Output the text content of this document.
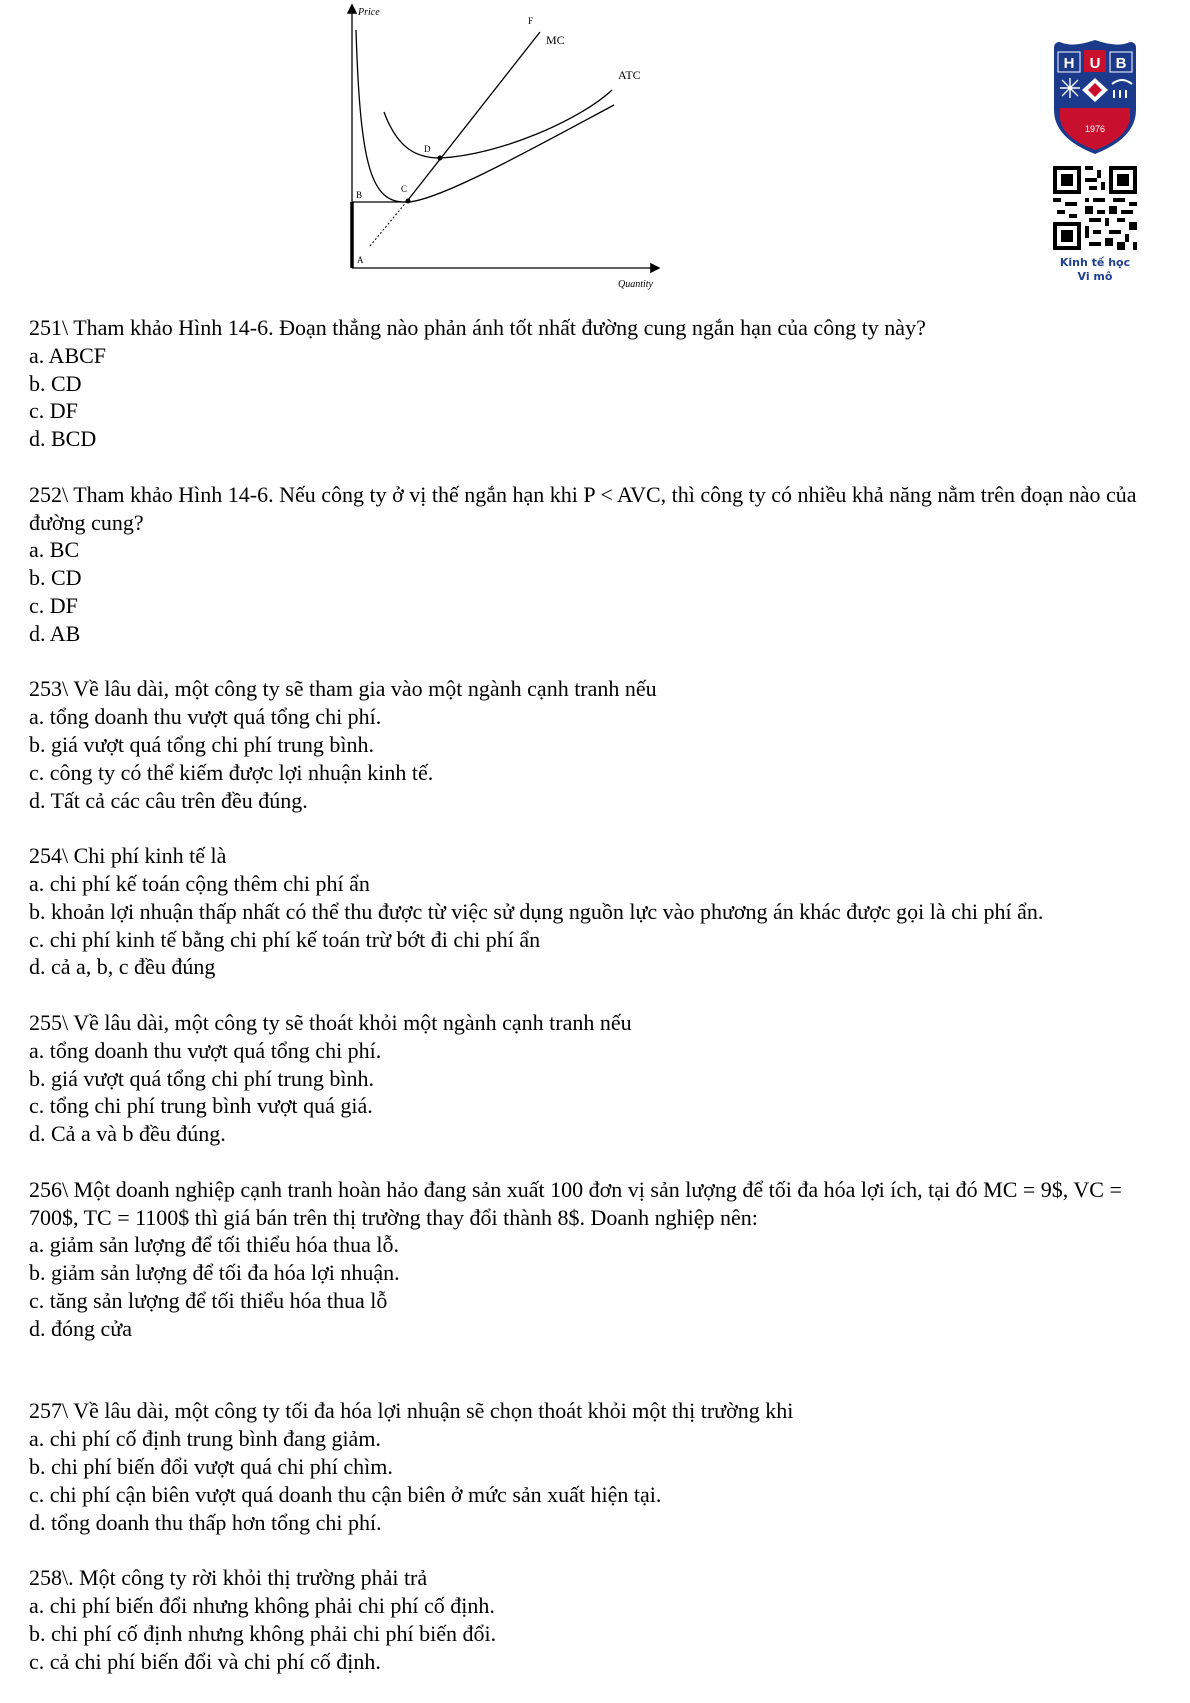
Price
Quantity
MC
ATC
F
D
C
B
A
H U B
1976
Kinh tế học
Vi mô
251\ Tham khảo Hình 14-6. Đoạn thẳng nào phản ánh tốt nhất đường cung ngắn hạn của công ty này?
a. ABCF
b. CD
c. DF
d. BCD
252\ Tham khảo Hình 14-6. Nếu công ty ở vị thế ngắn hạn khi P < AVC, thì công ty có nhiều khả năng nằm trên đoạn nào của đường cung?
a. BC
b. CD
c. DF
d. AB
253\ Về lâu dài, một công ty sẽ tham gia vào một ngành cạnh tranh nếu
a. tổng doanh thu vượt quá tổng chi phí.
b. giá vượt quá tổng chi phí trung bình.
c. công ty có thể kiếm được lợi nhuận kinh tế.
d. Tất cả các câu trên đều đúng.
254\ Chi phí kinh tế là
a. chi phí kế toán cộng thêm chi phí ẩn
b. khoản lợi nhuận thấp nhất có thể thu được từ việc sử dụng nguồn lực vào phương án khác được gọi là chi phí ẩn.
c. chi phí kinh tế bằng chi phí kế toán trừ bớt đi chi phí ẩn
d. cả a, b, c đều đúng
255\ Về lâu dài, một công ty sẽ thoát khỏi một ngành cạnh tranh nếu
a. tổng doanh thu vượt quá tổng chi phí.
b. giá vượt quá tổng chi phí trung bình.
c. tổng chi phí trung bình vượt quá giá.
d. Cả a và b đều đúng.
256\ Một doanh nghiệp cạnh tranh hoàn hảo đang sản xuất 100 đơn vị sản lượng để tối đa hóa lợi ích, tại đó MC = 9$, VC = 700$, TC = 1100$ thì giá bán trên thị trường thay đổi thành 8$. Doanh nghiệp nên:
a. giảm sản lượng để tối thiểu hóa thua lỗ.
b. giảm sản lượng để tối đa hóa lợi nhuận.
c. tăng sản lượng để tối thiểu hóa thua lỗ
d. đóng cửa
257\ Về lâu dài, một công ty tối đa hóa lợi nhuận sẽ chọn thoát khỏi một thị trường khi
a. chi phí cố định trung bình đang giảm.
b. chi phí biến đổi vượt quá chi phí chìm.
c. chi phí cận biên vượt quá doanh thu cận biên ở mức sản xuất hiện tại.
d. tổng doanh thu thấp hơn tổng chi phí.
258\. Một công ty rời khỏi thị trường phải trả
a. chi phí biến đổi nhưng không phải chi phí cố định.
b. chi phí cố định nhưng không phải chi phí biến đổi.
c. cả chi phí biến đổi và chi phí cố định.
